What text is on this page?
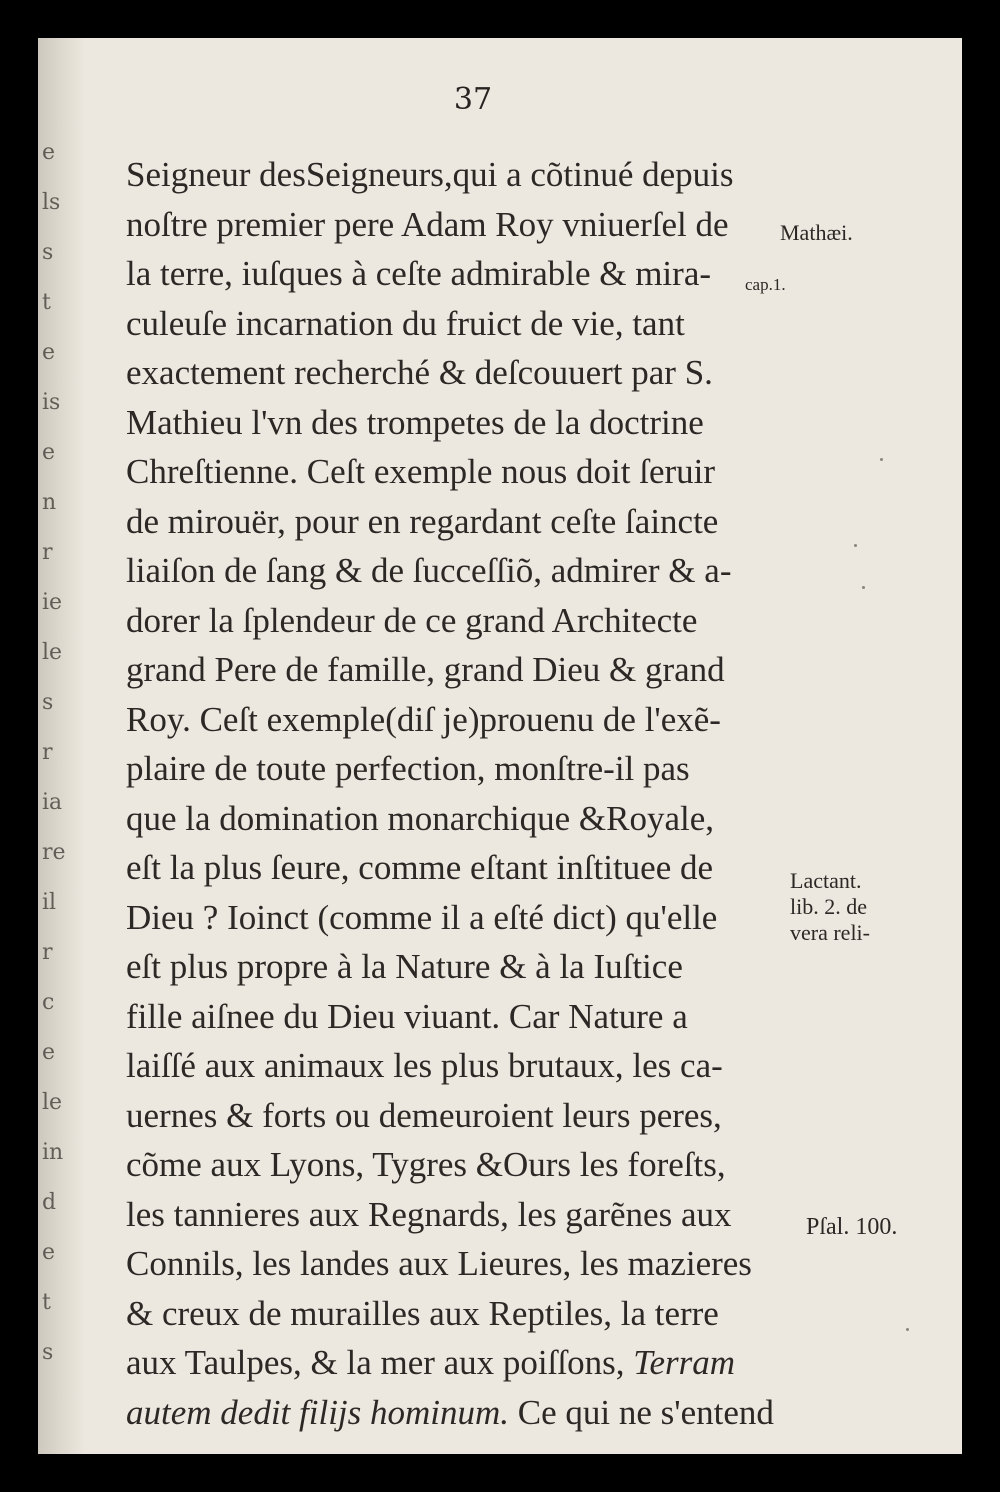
e
ls
s
t
e
is
e
n
r
ie
le
s
r
ia
re
il
r
c
e
le
in
d
e
t
s
37
Seigneur desSeigneurs,qui a cõtinué depuis
noſtre premier pere Adam Roy vniuerſel de
la terre, iuſques à ceſte admirable & mira-
culeuſe incarnation du fruict de vie, tant
exactement recherché & deſcouuert par S.
Mathieu l'vn des trompetes de la doctrine
Chreſtienne. Ceſt exemple nous doit ſeruir
de mirouër, pour en regardant ceſte ſaincte
liaiſon de ſang & de ſucceſſiõ, admirer & a-
dorer la ſplendeur de ce grand Architecte
grand Pere de famille, grand Dieu & grand
Roy. Ceſt exemple(diſ je)prouenu de l'exẽ-
plaire de toute perfection, monſtre-il pas
que la domination monarchique &Royale,
eſt la plus ſeure, comme eſtant inſtituee de
Dieu ? Ioinct (comme il a eſté dict) qu'elle
eſt plus propre à la Nature & à la Iuſtice
fille aiſnee du Dieu viuant. Car Nature a
laiſſé aux animaux les plus brutaux, les ca-
uernes & forts ou demeuroient leurs peres,
cõme aux Lyons, Tygres &Ours les foreſts,
les tannieres aux Regnards, les garẽnes aux
Connils, les landes aux Lieures, les mazieres
& creux de murailles aux Reptiles, la terre
aux Taulpes, & la mer aux poiſſons, Terram
autem dedit filijs hominum. Ce qui ne s'entend
Mathæi.
cap.1.
Lactant.
lib. 2. de
vera reli-
Pſal. 100.
